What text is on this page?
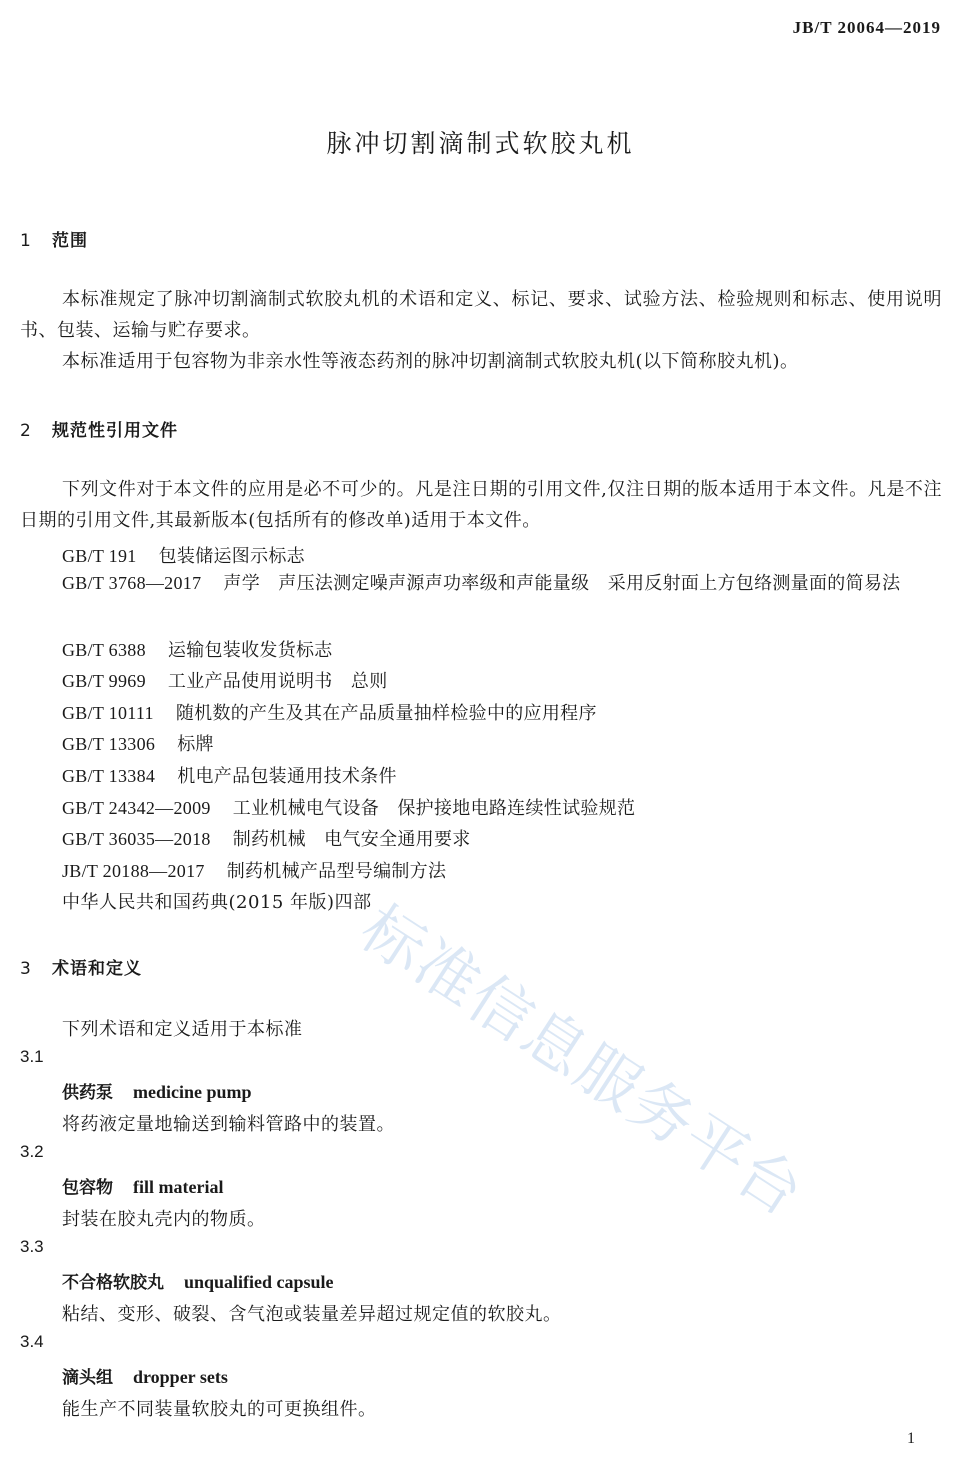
JB/T 20064—2019
脉冲切割滴制式软胶丸机
1 范围
本标准规定了脉冲切割滴制式软胶丸机的术语和定义、标记、要求、试验方法、检验规则和标志、使用说明书、包装、运输与贮存要求。
本标准适用于包容物为非亲水性等液态药剂的脉冲切割滴制式软胶丸机(以下简称胶丸机)。
2 规范性引用文件
下列文件对于本文件的应用是必不可少的。凡是注日期的引用文件,仅注日期的版本适用于本文件。凡是不注日期的引用文件,其最新版本(包括所有的修改单)适用于本文件。
GB/T 191 包装储运图示标志
GB/T 3768—2017 声学　声压法测定噪声源声功率级和声能量级　采用反射面上方包络测量面的简易法
GB/T 6388 运输包装收发货标志
GB/T 9969 工业产品使用说明书　总则
GB/T 10111 随机数的产生及其在产品质量抽样检验中的应用程序
GB/T 13306 标牌
GB/T 13384 机电产品包装通用技术条件
GB/T 24342—2009 工业机械电气设备　保护接地电路连续性试验规范
GB/T 36035—2018 制药机械　电气安全通用要求
JB/T 20188—2017 制药机械产品型号编制方法
中华人民共和国药典(2015 年版)四部
3 术语和定义
下列术语和定义适用于本标准
3.1
供药泵 medicine pump
将药液定量地输送到输料管路中的装置。
3.2
包容物 fill material
封装在胶丸壳内的物质。
3.3
不合格软胶丸 unqualified capsule
粘结、变形、破裂、含气泡或装量差异超过规定值的软胶丸。
3.4
滴头组 dropper sets
能生产不同装量软胶丸的可更换组件。
1
标准信息服务平台
